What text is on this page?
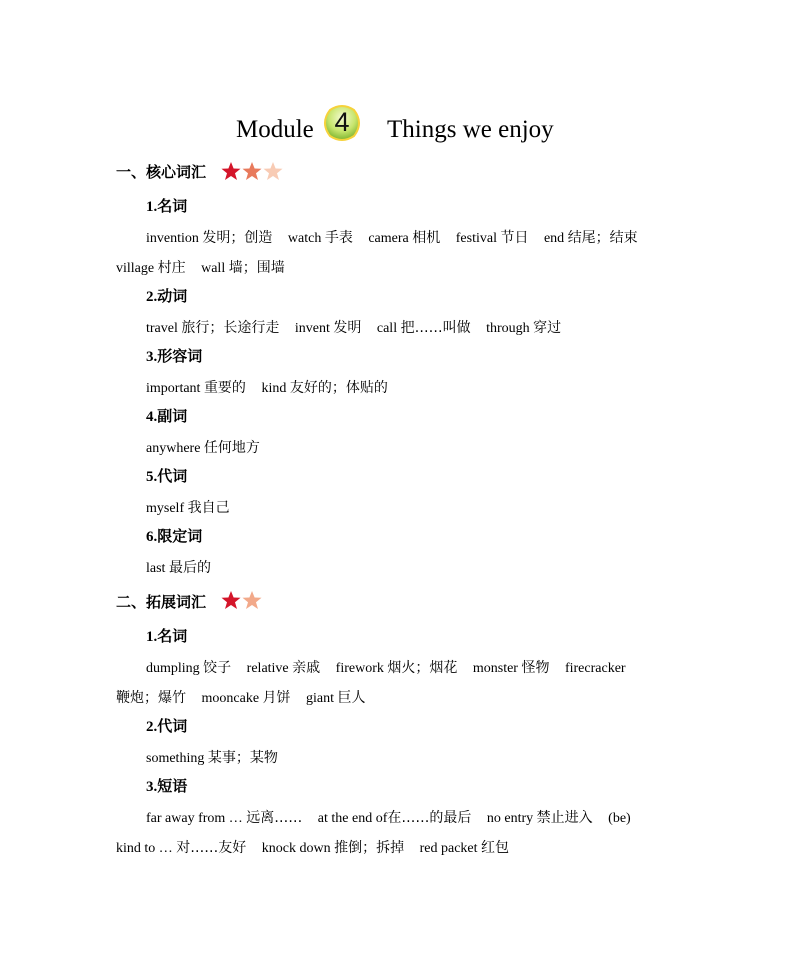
Module 4	Things we enjoy
一、核心词汇
1.名词
invention 发明；创造 watch 手表 camera 相机 festival 节日 end 结尾；结束
village 村庄 wall 墙；围墙
2.动词
travel 旅行；长途行走 invent 发明 call 把……叫做 through 穿过
3.形容词
important 重要的 kind 友好的；体贴的
4.副词
anywhere 任何地方
5.代词
myself 我自己
6.限定词
last 最后的
二、拓展词汇
1.名词
dumpling 饺子 relative 亲戚 firework 烟火；烟花 monster 怪物 firecracker
鞭炮；爆竹 mooncake 月饼 giant 巨人
2.代词
something 某事；某物
3.短语
far away from … 远离…… at the end of在……的最后 no entry 禁止进入 (be)
kind to … 对……友好 knock down 推倒；拆掉 red packet 红包
